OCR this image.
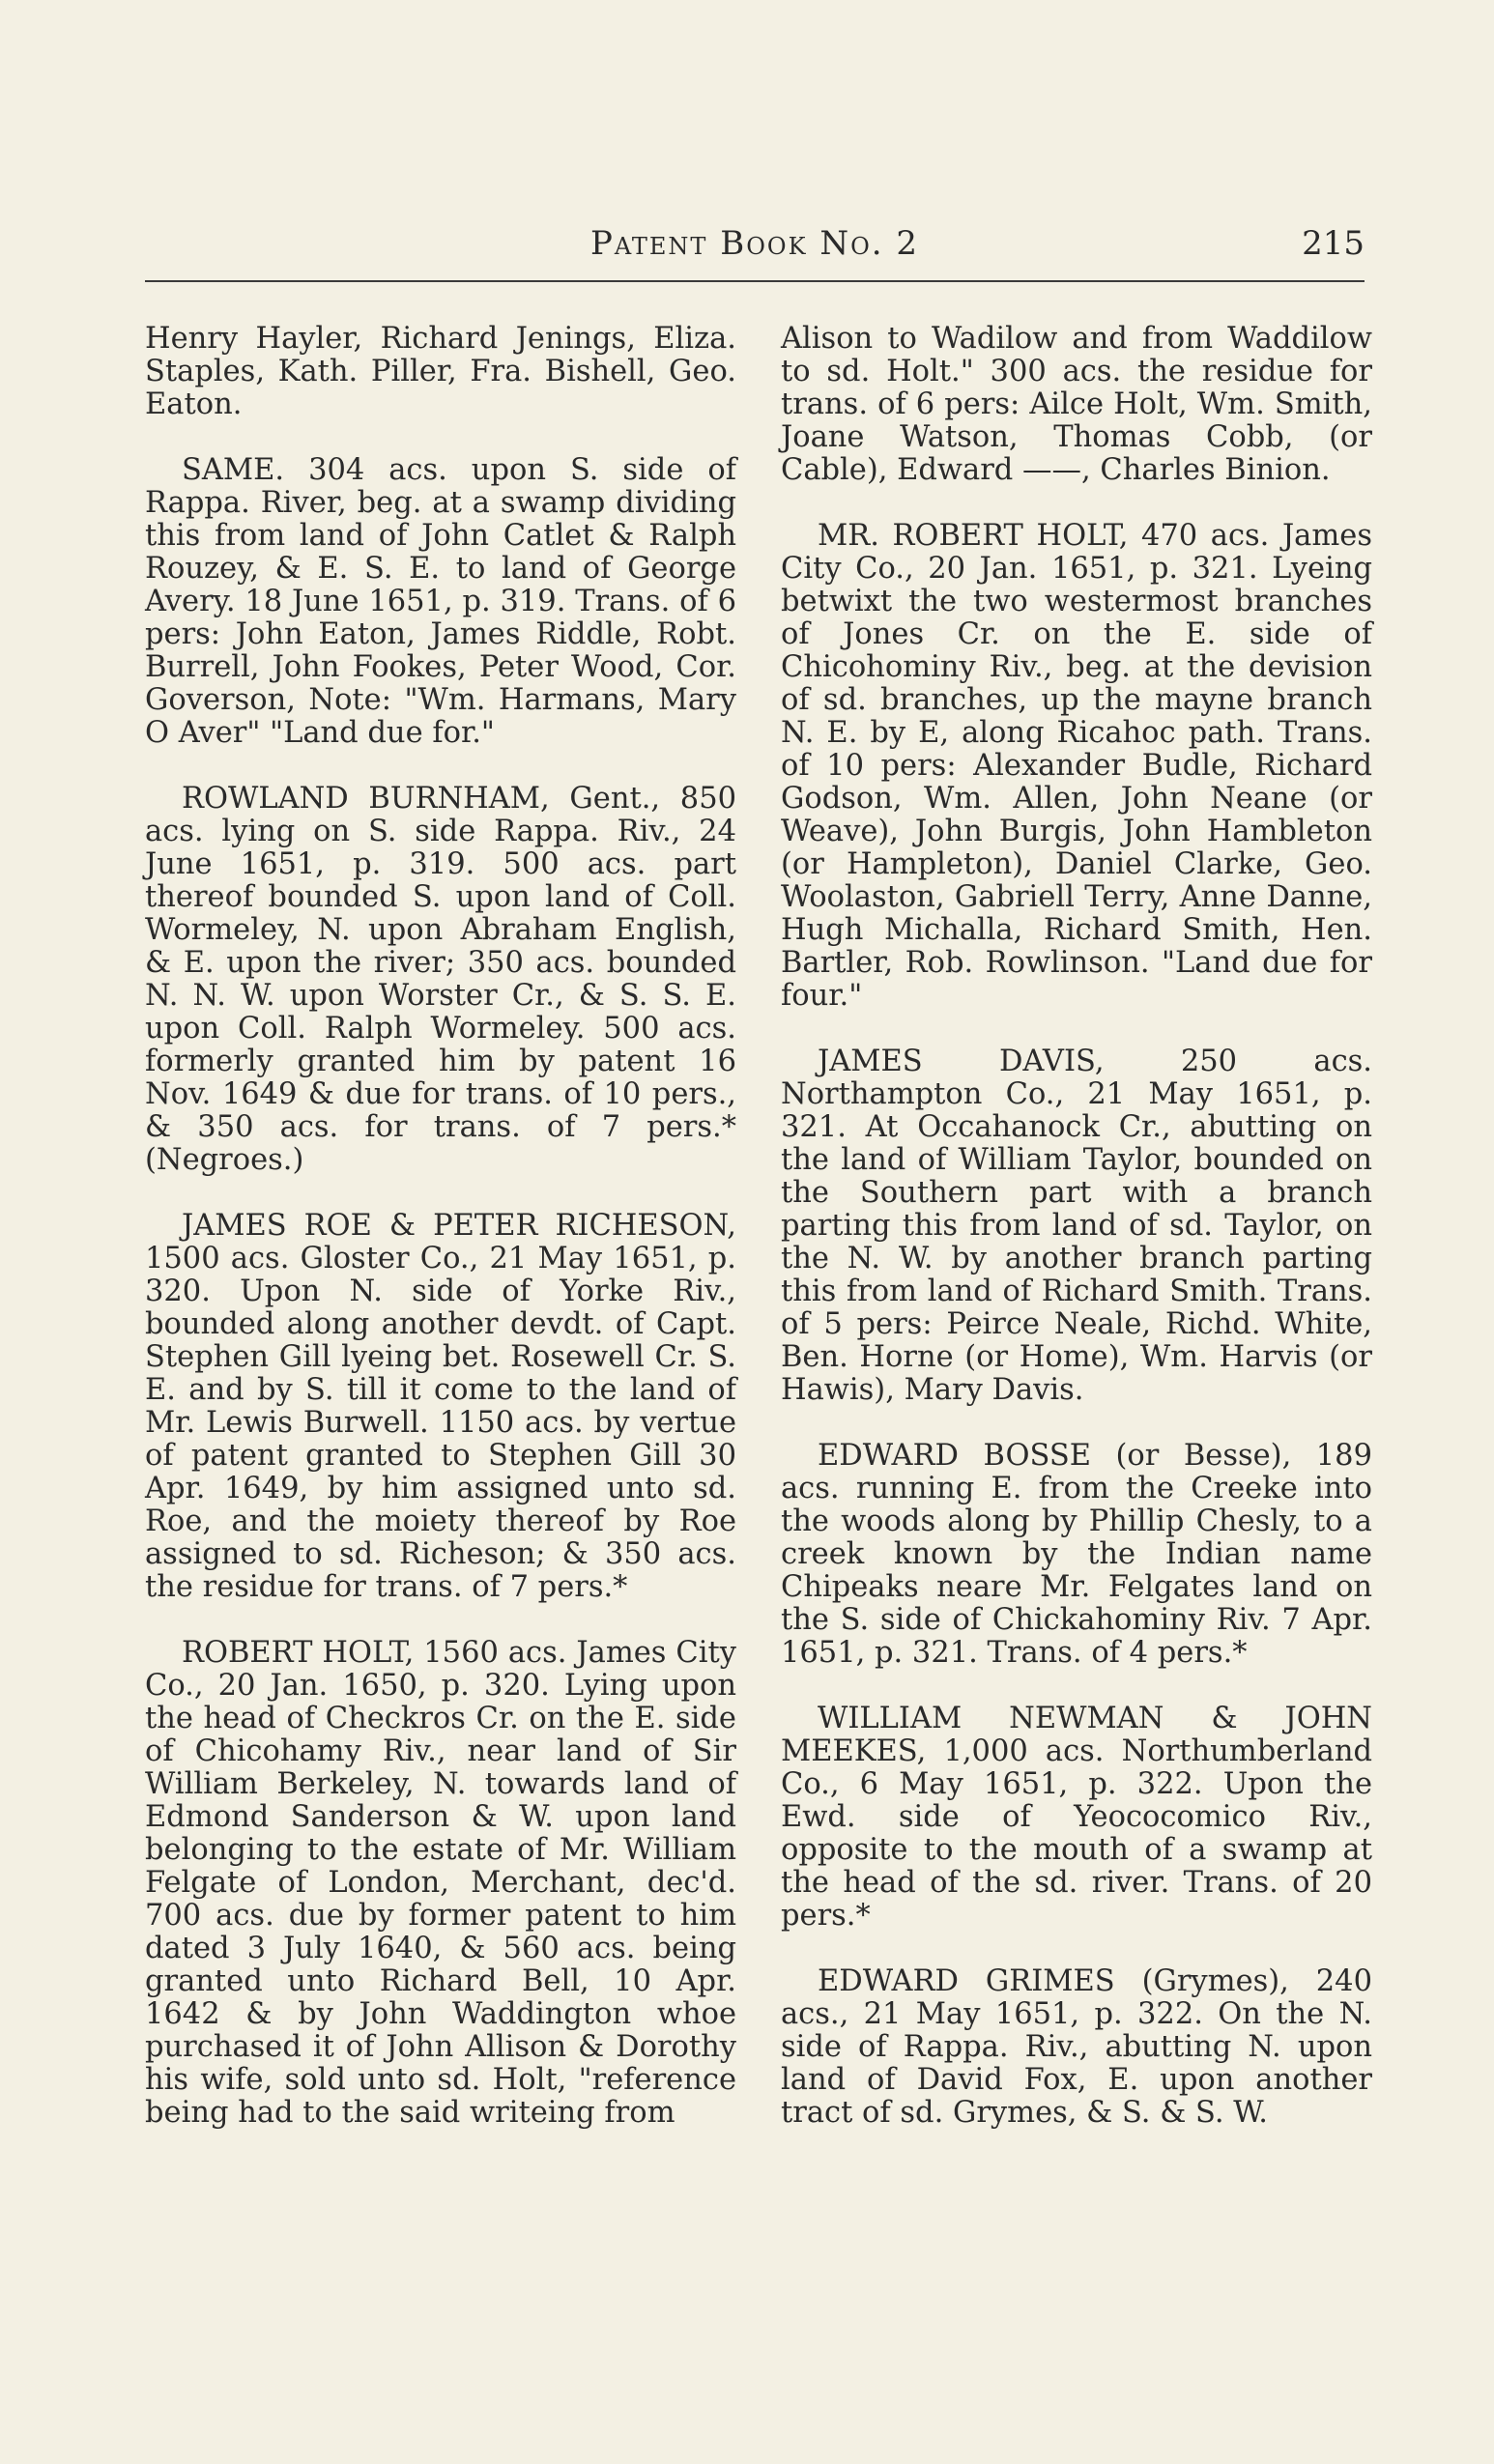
Patent Book No. 2	215

Henry Hayler, Richard Jenings, Eliza. Staples, Kath. Piller, Fra. Bishell, Geo. Eaton.

SAME. 304 acs. upon S. side of Rappa. River, beg. at a swamp dividing this from land of John Catlet & Ralph Rouzey, & E. S. E. to land of George Avery. 18 June 1651, p. 319. Trans. of 6 pers: John Eaton, James Riddle, Robt. Burrell, John Fookes, Peter Wood, Cor. Goverson, Note: "Wm. Harmans, Mary O Aver" "Land due for."

ROWLAND BURNHAM, Gent., 850 acs. lying on S. side Rappa. Riv., 24 June 1651, p. 319. 500 acs. part thereof bounded S. upon land of Coll. Wormeley, N. upon Abraham English, & E. upon the river; 350 acs. bounded N. N. W. upon Worster Cr., & S. S. E. upon Coll. Ralph Wormeley. 500 acs. formerly granted him by patent 16 Nov. 1649 & due for trans. of 10 pers., & 350 acs. for trans. of 7 pers.* (Negroes.)

JAMES ROE & PETER RICHESON, 1500 acs. Gloster Co., 21 May 1651, p. 320. Upon N. side of Yorke Riv., bounded along another devdt. of Capt. Stephen Gill lyeing bet. Rosewell Cr. S. E. and by S. till it come to the land of Mr. Lewis Burwell. 1150 acs. by vertue of patent granted to Stephen Gill 30 Apr. 1649, by him assigned unto sd. Roe, and the moiety thereof by Roe assigned to sd. Richeson; & 350 acs. the residue for trans. of 7 pers.*

ROBERT HOLT, 1560 acs. James City Co., 20 Jan. 1650, p. 320. Lying upon the head of Checkros Cr. on the E. side of Chicohamy Riv., near land of Sir William Berkeley, N. towards land of Edmond Sanderson & W. upon land belonging to the estate of Mr. William Felgate of London, Merchant, dec'd. 700 acs. due by former patent to him dated 3 July 1640, & 560 acs. being granted unto Richard Bell, 10 Apr. 1642 & by John Waddington whoe purchased it of John Allison & Dorothy his wife, sold unto sd. Holt, "reference being had to the said writeing from

Alison to Wadilow and from Waddilow to sd. Holt." 300 acs. the residue for trans. of 6 pers: Ailce Holt, Wm. Smith, Joane Watson, Thomas Cobb, (or Cable), Edward ——, Charles Binion.

MR. ROBERT HOLT, 470 acs. James City Co., 20 Jan. 1651, p. 321. Lyeing betwixt the two westermost branches of Jones Cr. on the E. side of Chicohominy Riv., beg. at the devision of sd. branches, up the mayne branch N. E. by E, along Ricahoc path. Trans. of 10 pers: Alexander Budle, Richard Godson, Wm. Allen, John Neane (or Weave), John Burgis, John Hambleton (or Hampleton), Daniel Clarke, Geo. Woolaston, Gabriell Terry, Anne Danne, Hugh Michalla, Richard Smith, Hen. Bartler, Rob. Rowlinson. "Land due for four."

JAMES DAVIS, 250 acs. Northampton Co., 21 May 1651, p. 321. At Occahanock Cr., abutting on the land of William Taylor, bounded on the Southern part with a branch parting this from land of sd. Taylor, on the N. W. by another branch parting this from land of Richard Smith. Trans. of 5 pers: Peirce Neale, Richd. White, Ben. Horne (or Home), Wm. Harvis (or Hawis), Mary Davis.

EDWARD BOSSE (or Besse), 189 acs. running E. from the Creeke into the woods along by Phillip Chesly, to a creek known by the Indian name Chipeaks neare Mr. Felgates land on the S. side of Chickahominy Riv. 7 Apr. 1651, p. 321. Trans. of 4 pers.*

WILLIAM NEWMAN & JOHN MEEKES, 1,000 acs. Northumberland Co., 6 May 1651, p. 322. Upon the Ewd. side of Yeococomico Riv., opposite to the mouth of a swamp at the head of the sd. river. Trans. of 20 pers.*

EDWARD GRIMES (Grymes), 240 acs., 21 May 1651, p. 322. On the N. side of Rappa. Riv., abutting N. upon land of David Fox, E. upon another tract of sd. Grymes, & S. & S. W.
